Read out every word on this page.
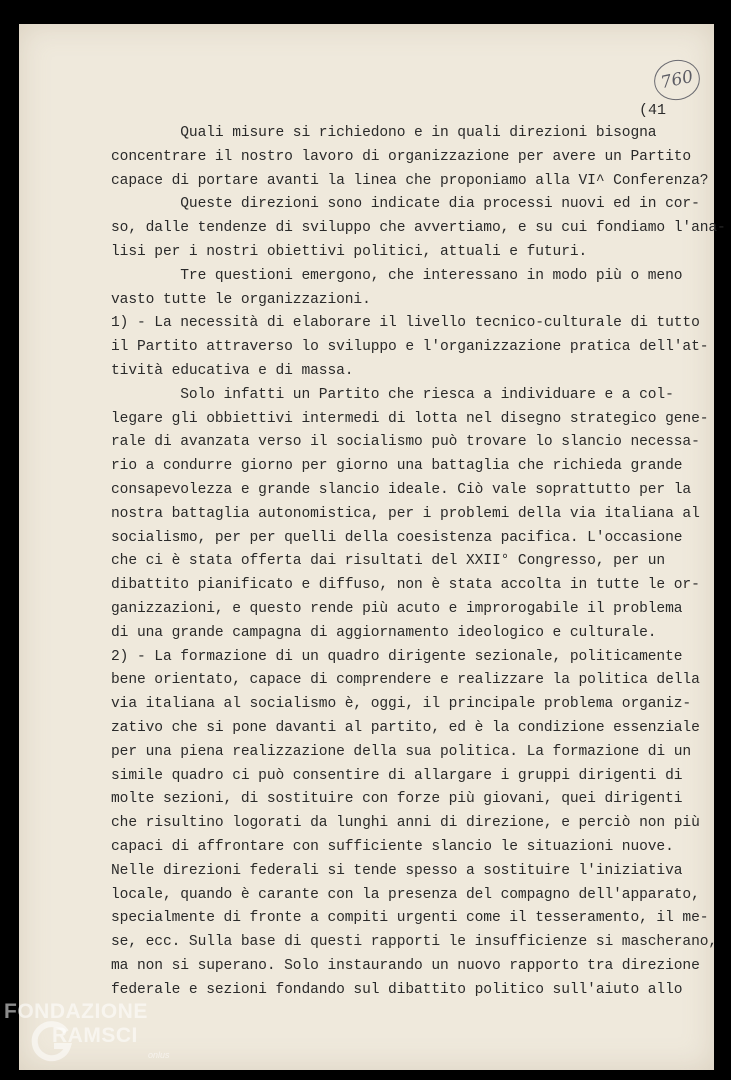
760
(41
Quali misure si richiedono e in quali direzioni bisogna
concentrare il nostro lavoro di organizzazione per avere un Partito
capace di portare avanti la linea che proponiamo alla VI^ Conferenza?
Queste direzioni sono indicate dia processi nuovi ed in cor-
so, dalle tendenze di sviluppo che avvertiamo, e su cui fondiamo l'ana-
lisi per i nostri obiettivi politici, attuali e futuri.
Tre questioni emergono, che interessano in modo più o meno
vasto tutte le organizzazioni.
1) - La necessità di elaborare il livello tecnico-culturale di tutto
il Partito attraverso lo sviluppo e l'organizzazione pratica dell'at-
tività educativa e di massa.
Solo infatti un Partito che riesca a individuare e a col-
legare gli obbiettivi intermedi di lotta nel disegno strategico gene-
rale di avanzata verso il socialismo può trovare lo slancio necessa-
rio a condurre giorno per giorno una battaglia che richieda grande
consapevolezza e grande slancio ideale. Ciò vale soprattutto per la
nostra battaglia autonomistica, per i problemi della via italiana al
socialismo, per per quelli della coesistenza pacifica. L'occasione
che ci è stata offerta dai risultati del XXII° Congresso, per un
dibattito pianificato e diffuso, non è stata accolta in tutte le or-
ganizzazioni, e questo rende più acuto e improrogabile il problema
di una grande campagna di aggiornamento ideologico e culturale.
2) - La formazione di un quadro dirigente sezionale, politicamente
bene orientato, capace di comprendere e realizzare la politica della
via italiana al socialismo è, oggi, il principale problema organiz-
zativo che si pone davanti al partito, ed è la condizione essenziale
per una piena realizzazione della sua politica. La formazione di un
simile quadro ci può consentire di allargare i gruppi dirigenti di
molte sezioni, di sostituire con forze più giovani, quei dirigenti
che risultino logorati da lunghi anni di direzione, e perciò non più
capaci di affrontare con sufficiente slancio le situazioni nuove.
Nelle direzioni federali si tende spesso a sostituire l'iniziativa
locale, quando è carante con la presenza del compagno dell'apparato,
specialmente di fronte a compiti urgenti come il tesseramento, il me-
se, ecc. Sulla base di questi rapporti le insufficienze si mascherano,
ma non si superano. Solo instaurando un nuovo rapporto tra direzione
federale e sezioni fondando sul dibattito politico sull'aiuto allo
FONDAZIONE
RAMSCI
onlus
